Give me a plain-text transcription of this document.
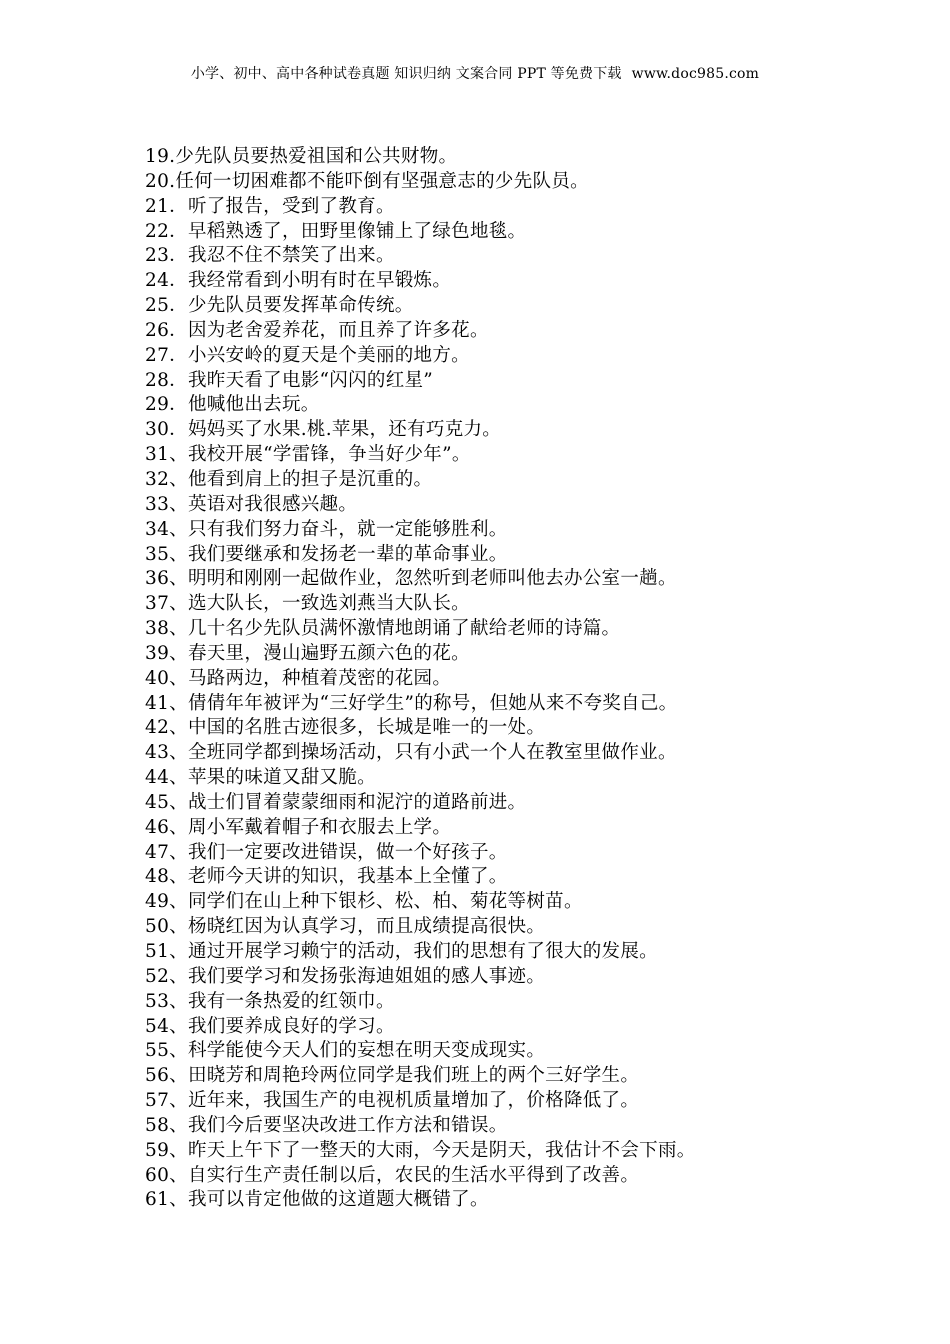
小学、初中、高中各种试卷真题 知识归纳 文案合同 PPT 等免费下载 www.doc985.com
19.少先队员要热爱祖国和公共财物。
20.任何一切困难都不能吓倒有坚强意志的少先队员。
21．听了报告，受到了教育。
22．早稻熟透了，田野里像铺上了绿色地毯。
23．我忍不住不禁笑了出来。
24．我经常看到小明有时在早锻炼。
25．少先队员要发挥革命传统。
26．因为老舍爱养花，而且养了许多花。
27．小兴安岭的夏天是个美丽的地方。
28．我昨天看了电影“闪闪的红星”
29．他喊他出去玩。
30．妈妈买了水果.桃.苹果，还有巧克力。
31、我校开展“学雷锋，争当好少年”。
32、他看到肩上的担子是沉重的。
33、英语对我很感兴趣。
34、只有我们努力奋斗，就一定能够胜利。
35、我们要继承和发扬老一辈的革命事业。
36、明明和刚刚一起做作业，忽然听到老师叫他去办公室一趟。
37、选大队长，一致选刘燕当大队长。
38、几十名少先队员满怀激情地朗诵了献给老师的诗篇。
39、春天里，漫山遍野五颜六色的花。
40、马路两边，种植着茂密的花园。
41、倩倩年年被评为“三好学生”的称号，但她从来不夸奖自己。
42、中国的名胜古迹很多，长城是唯一的一处。
43、全班同学都到操场活动，只有小武一个人在教室里做作业。
44、苹果的味道又甜又脆。
45、战士们冒着蒙蒙细雨和泥泞的道路前进。
46、周小军戴着帽子和衣服去上学。
47、我们一定要改进错误，做一个好孩子。
48、老师今天讲的知识，我基本上全懂了。
49、同学们在山上种下银杉、松、柏、菊花等树苗。
50、杨晓红因为认真学习，而且成绩提高很快。
51、通过开展学习赖宁的活动，我们的思想有了很大的发展。
52、我们要学习和发扬张海迪姐姐的感人事迹。
53、我有一条热爱的红领巾。
54、我们要养成良好的学习。
55、科学能使今天人们的妄想在明天变成现实。
56、田晓芳和周艳玲两位同学是我们班上的两个三好学生。
57、近年来，我国生产的电视机质量增加了，价格降低了。
58、我们今后要坚决改进工作方法和错误。
59、昨天上午下了一整天的大雨，今天是阴天，我估计不会下雨。
60、自实行生产责任制以后，农民的生活水平得到了改善。
61、我可以肯定他做的这道题大概错了。
